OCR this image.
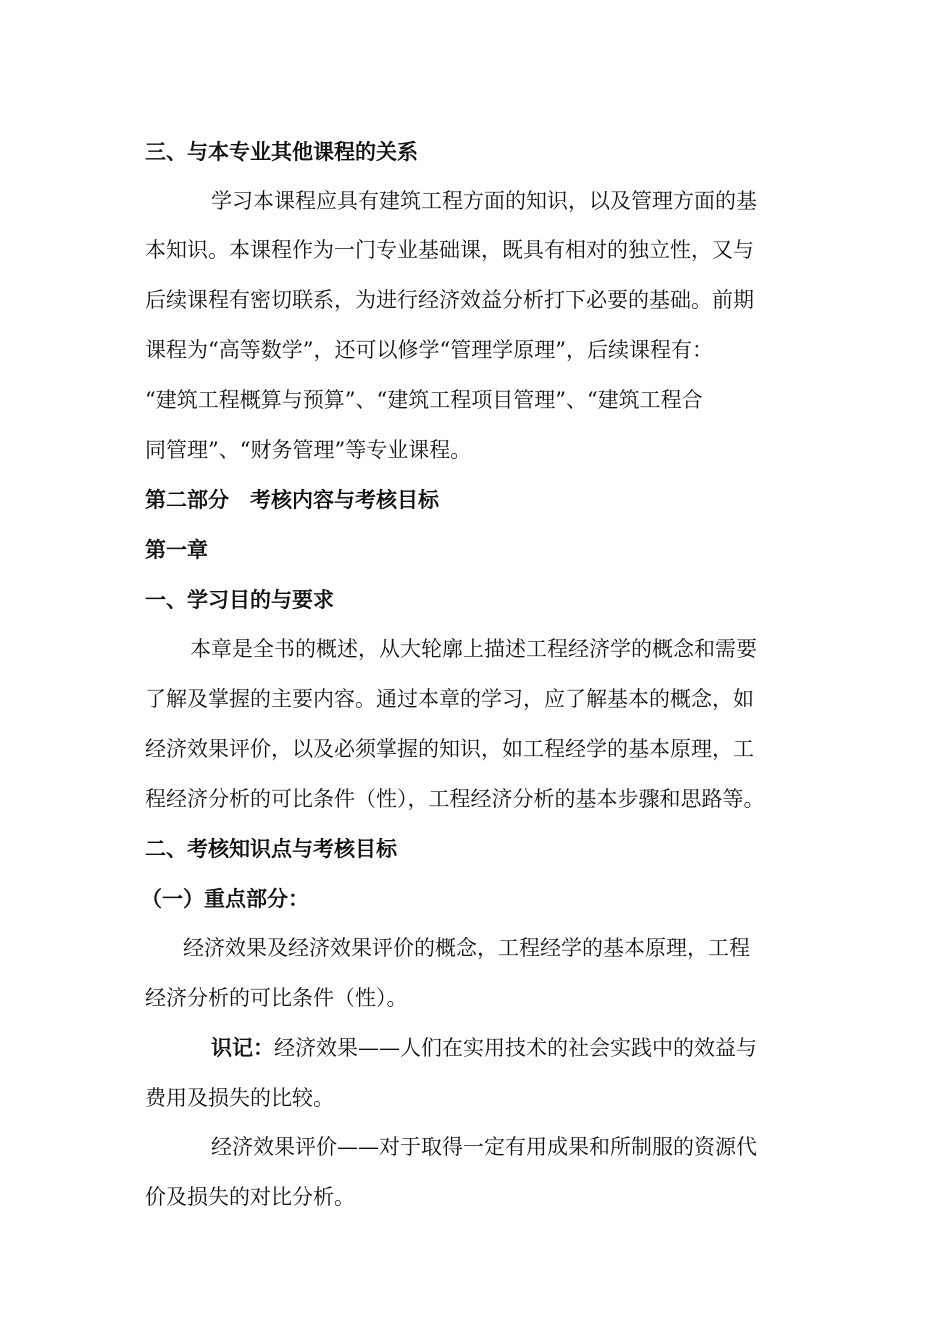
三、与本专业其他课程的关系
学习本课程应具有建筑工程方面的知识，以及管理方面的基
本知识。本课程作为一门专业基础课，既具有相对的独立性，又与
后续课程有密切联系，为进行经济效益分析打下必要的基础。前期
课程为“高等数学”，还可以修学“管理学原理”，后续课程有：
“建筑工程概算与预算”、“建筑工程项目管理”、“建筑工程合
同管理”、“财务管理”等专业课程。
第二部分　考核内容与考核目标
第一章
一、学习目的与要求
本章是全书的概述，从大轮廓上描述工程经济学的概念和需要
了解及掌握的主要内容。通过本章的学习，应了解基本的概念，如
经济效果评价，以及必须掌握的知识，如工程经学的基本原理，工
程经济分析的可比条件（性），工程经济分析的基本步骤和思路等。
二、考核知识点与考核目标
（一）重点部分：
经济效果及经济效果评价的概念，工程经学的基本原理，工程
经济分析的可比条件（性）。
识记：经济效果——人们在实用技术的社会实践中的效益与
费用及损失的比较。
经济效果评价——对于取得一定有用成果和所制服的资源代
价及损失的对比分析。
